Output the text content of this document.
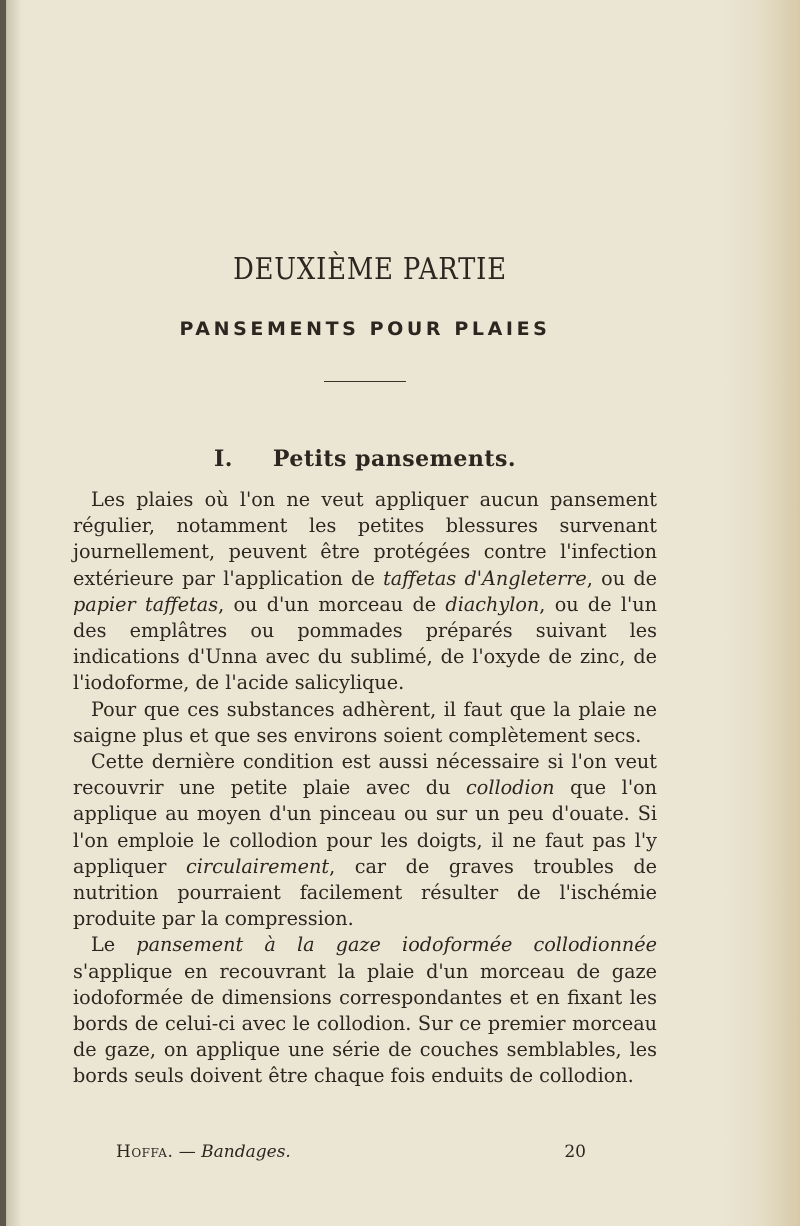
DEUXIÈME PARTIE
PANSEMENTS POUR PLAIES
I. Petits pansements.

Les plaies où l'on ne veut appliquer aucun pansement régulier, notamment les petites blessures survenant journellement, peuvent être protégées contre l'infection extérieure par l'application de taffetas d'Angleterre, ou de papier taffetas, ou d'un morceau de diachylon, ou de l'un des emplâtres ou pommades préparés suivant les indications d'Unna avec du sublimé, de l'oxyde de zinc, de l'iodoforme, de l'acide salicylique.

Pour que ces substances adhèrent, il faut que la plaie ne saigne plus et que ses environs soient complètement secs.

Cette dernière condition est aussi nécessaire si l'on veut recouvrir une petite plaie avec du collodion que l'on applique au moyen d'un pinceau ou sur un peu d'ouate. Si l'on emploie le collodion pour les doigts, il ne faut pas l'y appliquer circulairement, car de graves troubles de nutrition pourraient facilement résulter de l'ischémie produite par la compression.

Le pansement à la gaze iodoformée collodionnée s'applique en recouvrant la plaie d'un morceau de gaze iodoformée de dimensions correspondantes et en fixant les bords de celui-ci avec le collodion. Sur ce premier morceau de gaze, on applique une série de couches semblables, les bords seuls doivent être chaque fois enduits de collodion.

Hoffa. — Bandages.	20
